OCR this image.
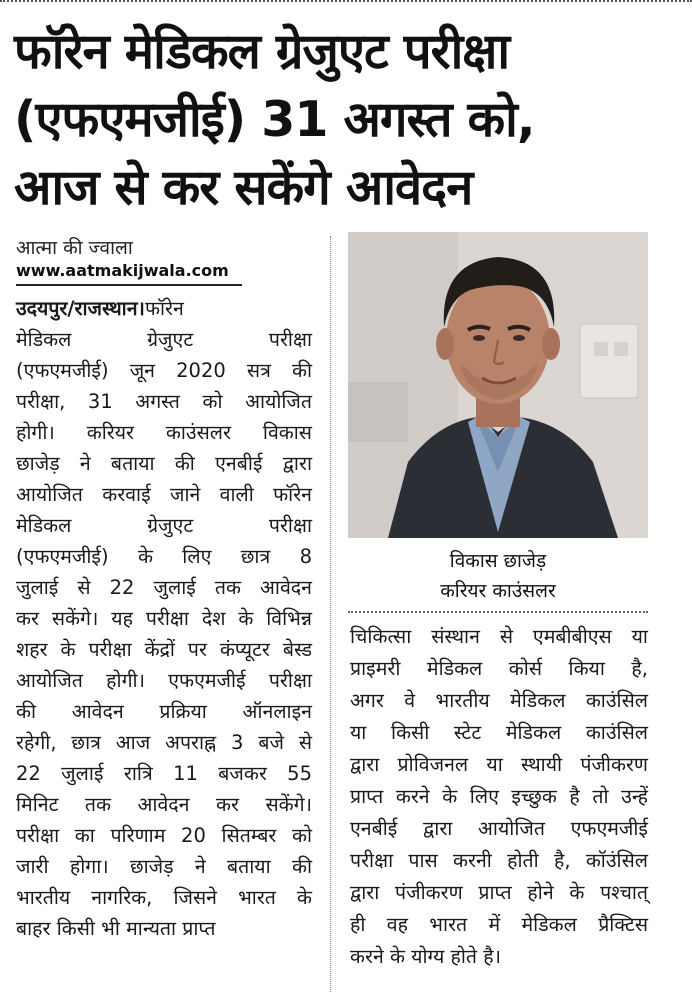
फॉरेन मेडिकल ग्रेजुएट परीक्षा
(एफएमजीई) 31 अगस्त को,
आज से कर सकेंगे आवेदन
आत्मा की ज्वाला
www.aatmakijwala.com

उदयपुर/राजस्थान।फॉरेन

मेडिकल ग्रेजुएट परीक्षा

(एफएमजीई) जून 2020 सत्र की

परीक्षा, 31 अगस्त को आयोजित

होगी। करियर काउंसलर विकास

छाजेड़ ने बताया की एनबीई द्वारा

आयोजित करवाई जाने वाली फॉरेन

मेडिकल ग्रेजुएट परीक्षा

(एफएमजीई) के लिए छात्र 8

जुलाई से 22 जुलाई तक आवेदन

कर सकेंगे। यह परीक्षा देश के विभिन्न

शहर के परीक्षा केंद्रों पर कंप्यूटर बेस्ड

आयोजित होगी। एफएमजीई परीक्षा

की आवेदन प्रक्रिया ऑनलाइन

रहेगी, छात्र आज अपराह्न 3 बजे से

22 जुलाई रात्रि 11 बजकर 55

मिनिट तक आवेदन कर सकेंगे।

परीक्षा का परिणाम 20 सितम्बर को

जारी होगा। छाजेड़ ने बताया की

भारतीय नागरिक, जिसने भारत के

बाहर किसी भी मान्यता प्राप्त

विकास छाजेड़
करियर काउंसलर

चिकित्सा संस्थान से एमबीबीएस या

प्राइमरी मेडिकल कोर्स किया है,

अगर वे भारतीय मेडिकल काउंसिल

या किसी स्टेट मेडिकल काउंसिल

द्वारा प्रोविजनल या स्थायी पंजीकरण

प्राप्त करने के लिए इच्छुक है तो उन्हें

एनबीई द्वारा आयोजित एफएमजीई

परीक्षा पास करनी होती है, कॉउंसिल

द्वारा पंजीकरण प्राप्त होने के पश्चात्

ही वह भारत में मेडिकल प्रैक्टिस

करने के योग्य होते है।
